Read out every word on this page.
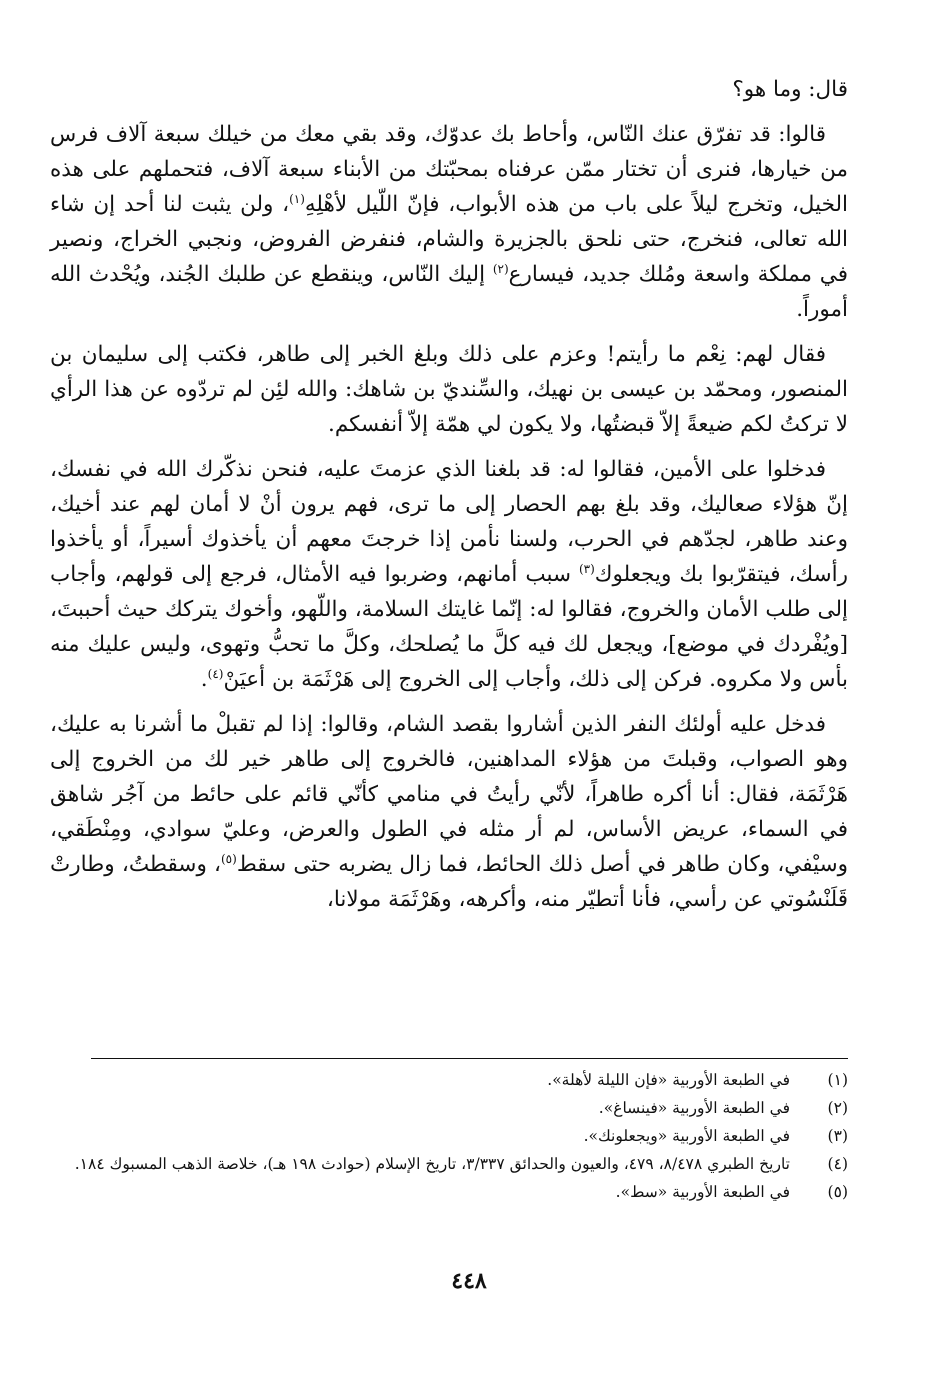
قال: وما هو؟

قالوا: قد تفرّق عنك النّاس، وأحاط بك عدوّك، وقد بقي معك من خيلك سبعة آلاف فرس من خيارها، فنرى أن تختار ممّن عرفناه بمحبّتك من الأبناء سبعة آلاف، فتحملهم على هذه الخيل، وتخرج ليلاً على باب من هذه الأبواب، فإنّ اللّيل لأهْلِهِ$^{(١)}$، ولن يثبت لنا أحد إن شاء الله تعالى، فنخرج، حتى نلحق بالجزيرة والشام، فنفرض الفروض، ونجبي الخراج، ونصير في مملكة واسعة ومُلك جديد، فيسارع$^{(٢)}$ إليك النّاس، وينقطع عن طلبك الجُند، ويُحْدث الله أموراً.

فقال لهم: نِعْم ما رأيتم! وعزم على ذلك وبلغ الخبر إلى طاهر، فكتب إلى سليمان بن المنصور، ومحمّد بن عيسى بن نهيك، والسِّنديّ بن شاهك: والله لئِن لم تردّوه عن هذا الرأي لا تركتُ لكم ضيعةً إلاّ قبضتُها، ولا يكون لي همّة إلاّ أنفسكم.

فدخلوا على الأمين، فقالوا له: قد بلغنا الذي عزمتَ عليه، فنحن نذكّرك الله في نفسك، إنّ هؤلاء صعاليك، وقد بلغ بهم الحصار إلى ما ترى، فهم يرون أنْ لا أمان لهم عند أخيك، وعند طاهر، لجدّهم في الحرب، ولسنا نأمن إذا خرجتَ معهم أن يأخذوك أسيراً، أو يأخذوا رأسك، فيتقرّبوا بك ويجعلوك$^{(٣)}$ سبب أمانهم، وضربوا فيه الأمثال، فرجع إلى قولهم، وأجاب إلى طلب الأمان والخروج، فقالوا له: إنّما غايتك السلامة، واللّهو، وأخوك يتركك حيث أحببتَ، [ويُفْردك في موضع]، ويجعل لك فيه كلَّ ما يُصلحك، وكلَّ ما تحبُّ وتهوى، وليس عليك منه بأس ولا مكروه. فركن إلى ذلك، وأجاب إلى الخروج إلى هَرْثَمَة بن أعيَنْ$^{(٤)}$.

فدخل عليه أولئك النفر الذين أشاروا بقصد الشام، وقالوا: إذا لم تقبلْ ما أشرنا به عليك، وهو الصواب، وقبلتَ من هؤلاء المداهنين، فالخروج إلى طاهر خير لك من الخروج إلى هَرْثَمَة، فقال: أنا أكره طاهراً، لأنّي رأيتُ في منامي كأنّي قائم على حائط من آجُر شاهق في السماء، عريض الأساس، لم أر مثله في الطول والعرض، وعليّ سوادي، ومِنْطَقي، وسيْفي، وكان طاهر في أصل ذلك الحائط، فما زال يضربه حتى سقط$^{(٥)}$، وسقطتُ، وطارتْ قَلَنْسُوتي عن رأسي، فأنا أتطيّر منه، وأكرهه، وهَرْثَمَة مولانا،

(١)
في الطبعة الأوربية «فإن الليلة لأهلة».
(٢)
في الطبعة الأوربية «فينساغ».
(٣)
في الطبعة الأوربية «ويجعلونك».
(٤)
تاريخ الطبري ٨/٤٧٨، ٤٧٩، والعيون والحدائق ٣/٣٣٧، تاريخ الإسلام (حوادث ١٩٨ هـ)، خلاصة الذهب المسبوك ١٨٤.
(٥)
في الطبعة الأوربية «سط».
٤٤٨
